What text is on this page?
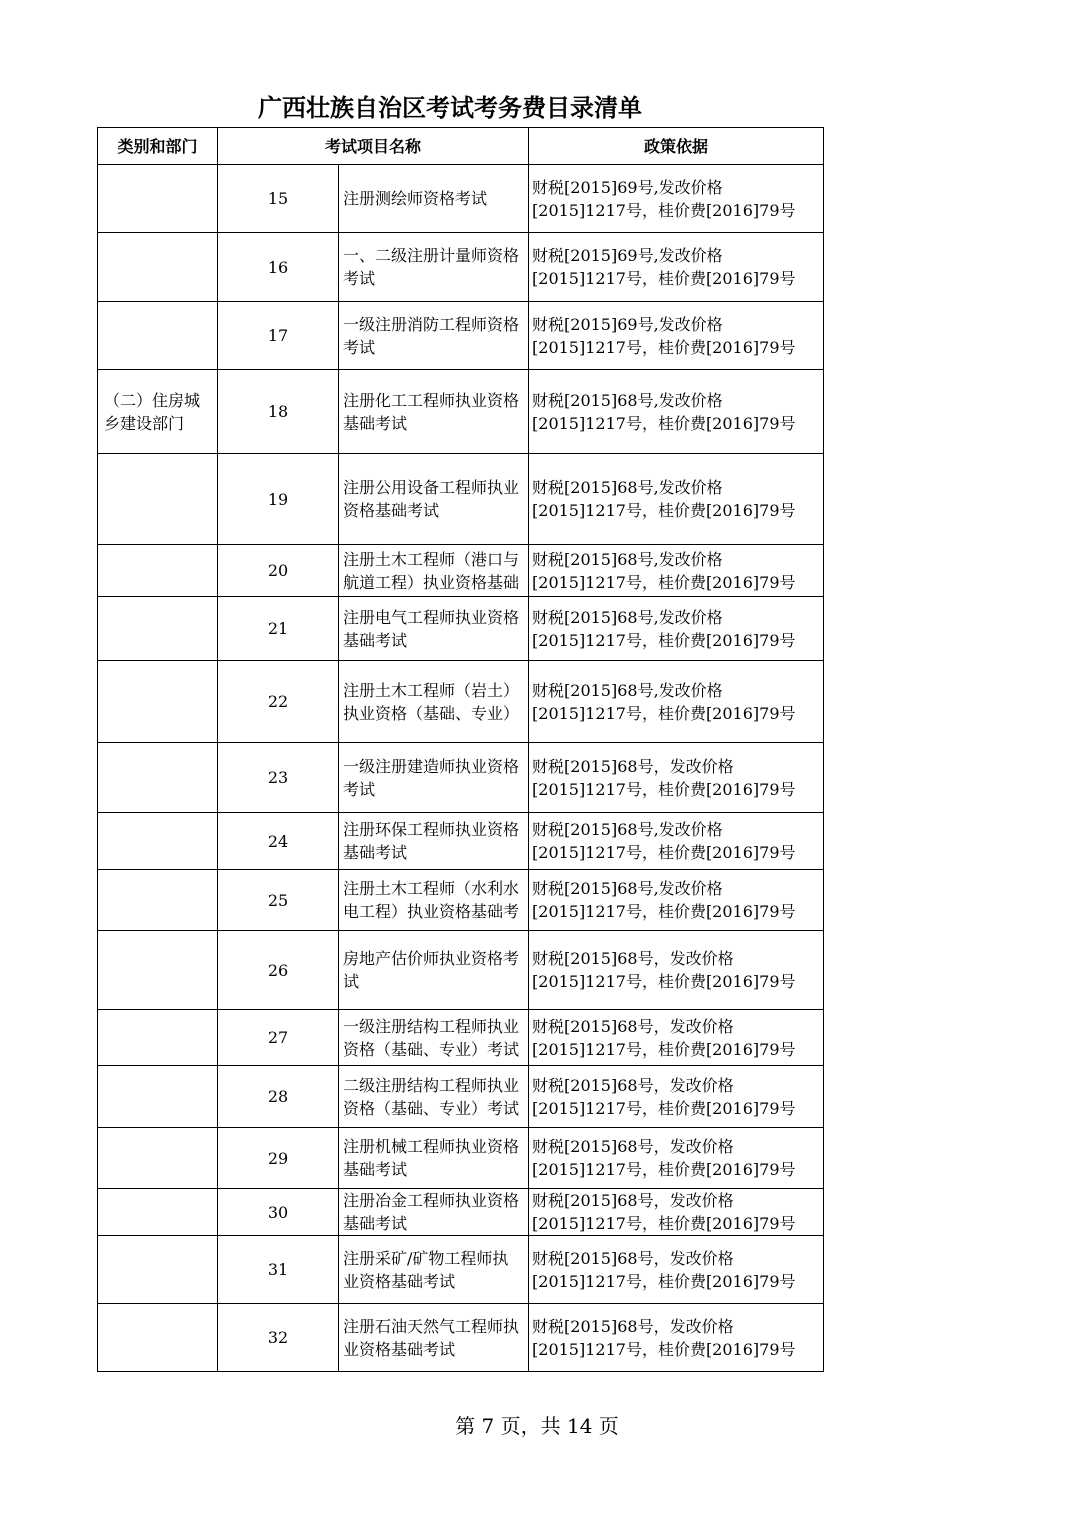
广西壮族自治区考试考务费目录清单
类别和部门	考试项目名称		政策依据
	15	注册测绘师资格考试	财税[2015]69号,发改价格
[2015]1217号，桂价费[2016]79号

	16	一、二级注册计量师资格考试	财税[2015]69号,发改价格
[2015]1217号，桂价费[2016]79号

	17	一级注册消防工程师资格考试	财税[2015]69号,发改价格
[2015]1217号，桂价费[2016]79号

（二）住房城乡建设部门	18	注册化工工程师执业资格基础考试	财税[2015]68号,发改价格
[2015]1217号，桂价费[2016]79号

	19	注册公用设备工程师执业资格基础考试	财税[2015]68号,发改价格
[2015]1217号，桂价费[2016]79号

	20	注册土木工程师（港口与航道工程）执业资格基础	财税[2015]68号,发改价格
[2015]1217号，桂价费[2016]79号

	21	注册电气工程师执业资格基础考试	财税[2015]68号,发改价格
[2015]1217号，桂价费[2016]79号

	22	注册土木工程师（岩土）执业资格（基础、专业）	财税[2015]68号,发改价格
[2015]1217号，桂价费[2016]79号

	23	一级注册建造师执业资格考试	财税[2015]68号，发改价格
[2015]1217号，桂价费[2016]79号

	24	注册环保工程师执业资格基础考试	财税[2015]68号,发改价格
[2015]1217号，桂价费[2016]79号

	25	注册土木工程师（水利水电工程）执业资格基础考	财税[2015]68号,发改价格
[2015]1217号，桂价费[2016]79号

	26	房地产估价师执业资格考试	财税[2015]68号，发改价格
[2015]1217号，桂价费[2016]79号

	27	一级注册结构工程师执业资格（基础、专业）考试	财税[2015]68号，发改价格
[2015]1217号，桂价费[2016]79号

	28	二级注册结构工程师执业资格（基础、专业）考试	财税[2015]68号，发改价格
[2015]1217号，桂价费[2016]79号

	29	注册机械工程师执业资格基础考试	财税[2015]68号，发改价格
[2015]1217号，桂价费[2016]79号

	30	注册冶金工程师执业资格基础考试	财税[2015]68号，发改价格
[2015]1217号，桂价费[2016]79号

	31	注册采矿/矿物工程师执业资格基础考试	财税[2015]68号，发改价格
[2015]1217号，桂价费[2016]79号

	32	注册石油天然气工程师执业资格基础考试	财税[2015]68号，发改价格
[2015]1217号，桂价费[2016]79号
第 7 页，共 14 页
